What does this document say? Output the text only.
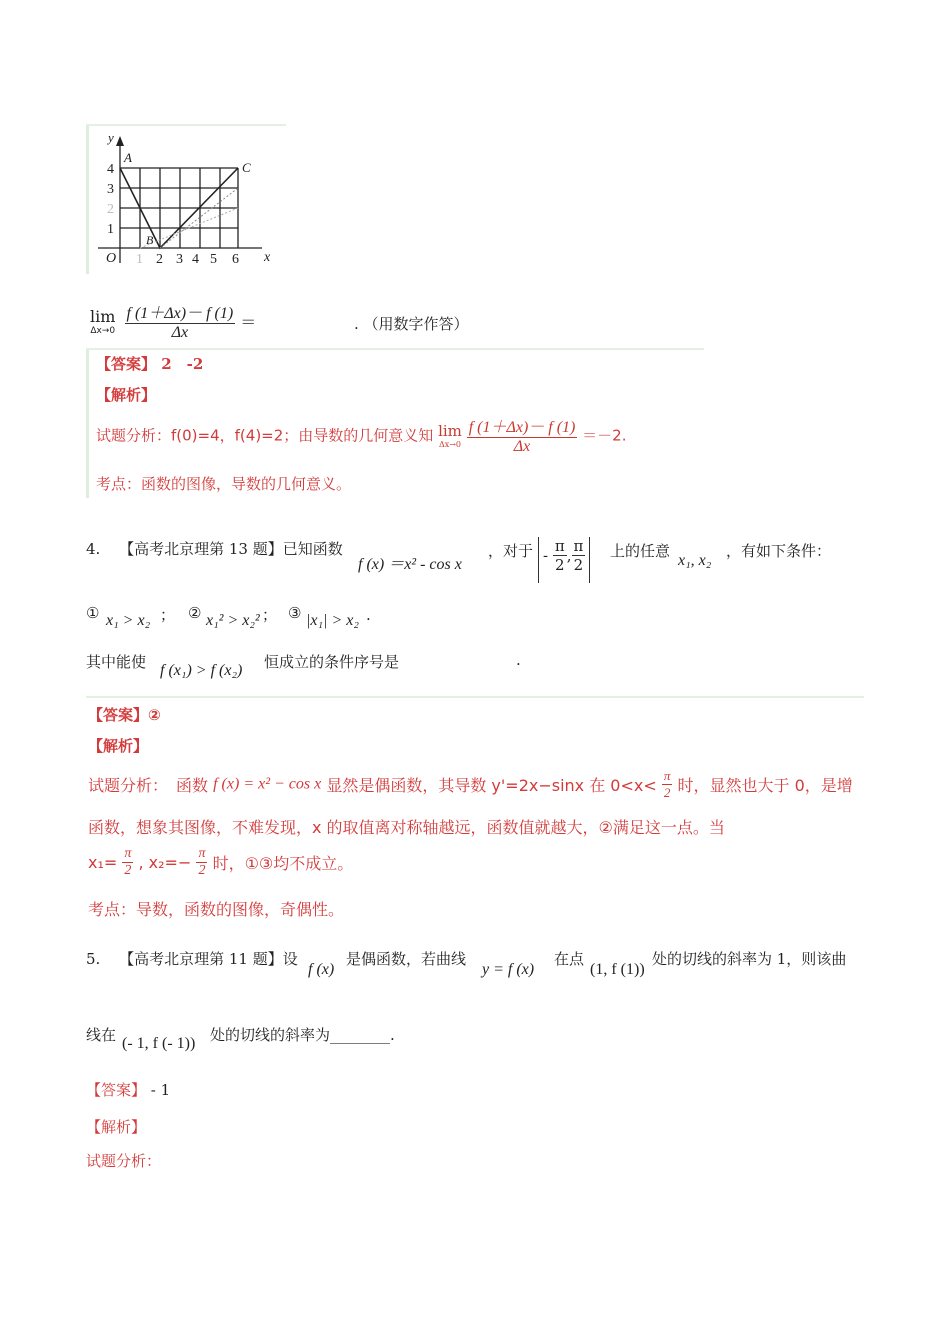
y
A
B
C
O	x
4
3
2
1
1 2 3 4 5 6
lim
Δx→0
$\frac{f (1+\Delta x)- f (1)}{\Delta x}$ ＝	. （用数字作答）
【答案】 2　-2
【解析】
试题分析：f(0)=4，f(4)=2；由导数的几何意义知 lim
Δx→0
$\frac{f (1+\Delta x)- f (1)}{\Delta x} =-2$.
考点：函数的图像，导数的几何意义。
4. 【高考北京理第 13 题】已知函数
f (x) ＝x² - cos x
，对于 - $\frac{\pi}{2}$ , $\frac{\pi}{2}$ 上的任意
x₁, x₂
，有如下条件：
① x₁ > x₂ ； ② x₁² > x₂² ； ③ |x₁| > x₂ .
其中能使 f (x₁) > f (x₂) 恒成立的条件序号是	.
【答案】②
【解析】
试题分析：　函数 f (x) = x² − cos x 显然是偶函数，其导数 y'=2x−sinx 在 $0<x< \frac{\pi}{2}$ 时，显然也大于 0，是增
函数，想象其图像，不难发现，x 的取值离对称轴越远，函数值就越大，②满足这一点。当
$x_1= \frac{\pi}{2}$ , $x_2=- \frac{\pi}{2}$ 时，①③均不成立。
考点：导数，函数的图像，奇偶性。
5. 【高考北京理第 11 题】设
f (x)
是偶函数，若曲线
y = f (x)
在点
(1, f (1))
处的切线的斜率为 1，则该曲
线在 (- 1, f (- 1)) 处的切线的斜率为________.
【答案】 - 1
【解析】
试题分析：
